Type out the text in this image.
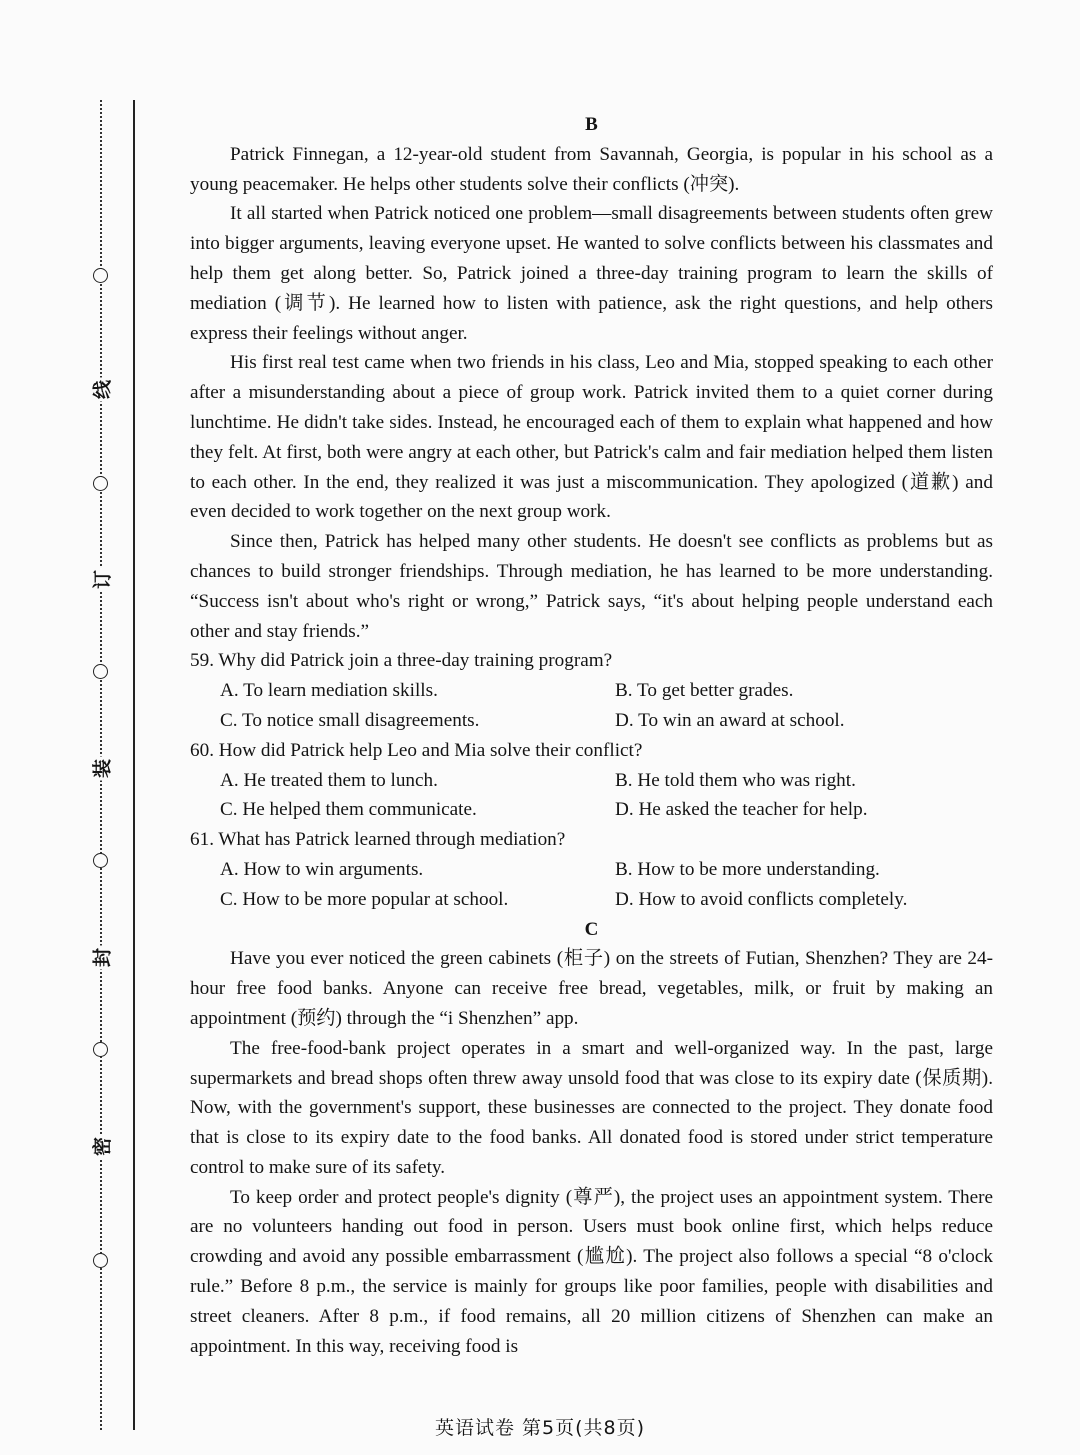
线
订
装
封
密
B

Patrick Finnegan, a 12-year-old student from Savannah, Georgia, is popular in his school as a young peacemaker. He helps other students solve their conflicts (冲突).

It all started when Patrick noticed one problem—small disagreements between students often grew into bigger arguments, leaving everyone upset. He wanted to solve conflicts between his classmates and help them get along better. So, Patrick joined a three-day training program to learn the skills of mediation (调节). He learned how to listen with patience, ask the right questions, and help others express their feelings without anger.

His first real test came when two friends in his class, Leo and Mia, stopped speaking to each other after a misunderstanding about a piece of group work. Patrick invited them to a quiet corner during lunchtime. He didn't take sides. Instead, he encouraged each of them to explain what happened and how they felt. At first, both were angry at each other, but Patrick's calm and fair mediation helped them listen to each other. In the end, they realized it was just a miscommunication. They apologized (道歉) and even decided to work together on the next group work.

Since then, Patrick has helped many other students. He doesn't see conflicts as problems but as chances to build stronger friendships. Through mediation, he has learned to be more understanding. “Success isn't about who's right or wrong,” Patrick says, “it's about helping people understand each other and stay friends.”

59. Why did Patrick join a three-day training program?

A. To learn mediation skills.	B. To get better grades.
C. To notice small disagreements.	D. To win an award at school.

60. How did Patrick help Leo and Mia solve their conflict?

A. He treated them to lunch.	B. He told them who was right.
C. He helped them communicate.	D. He asked the teacher for help.

61. What has Patrick learned through mediation?

A. How to win arguments.	B. How to be more understanding.
C. How to be more popular at school.	D. How to avoid conflicts completely.
C

Have you ever noticed the green cabinets (柜子) on the streets of Futian, Shenzhen? They are 24-hour free food banks. Anyone can receive free bread, vegetables, milk, or fruit by making an appointment (预约) through the “i Shenzhen” app.

The free-food-bank project operates in a smart and well-organized way. In the past, large supermarkets and bread shops often threw away unsold food that was close to its expiry date (保质期). Now, with the government's support, these businesses are connected to the project. They donate food that is close to its expiry date to the food banks. All donated food is stored under strict temperature control to make sure of its safety.

To keep order and protect people's dignity (尊严), the project uses an appointment system. There are no volunteers handing out food in person. Users must book online first, which helps reduce crowding and avoid any possible embarrassment (尴尬). The project also follows a special “8 o'clock rule.” Before 8 p.m., the service is mainly for groups like poor families, people with disabilities and street cleaners. After 8 p.m., if food remains, all 20 million citizens of Shenzhen can make an appointment. In this way, receiving food is

英语试卷 第5页(共8页)
